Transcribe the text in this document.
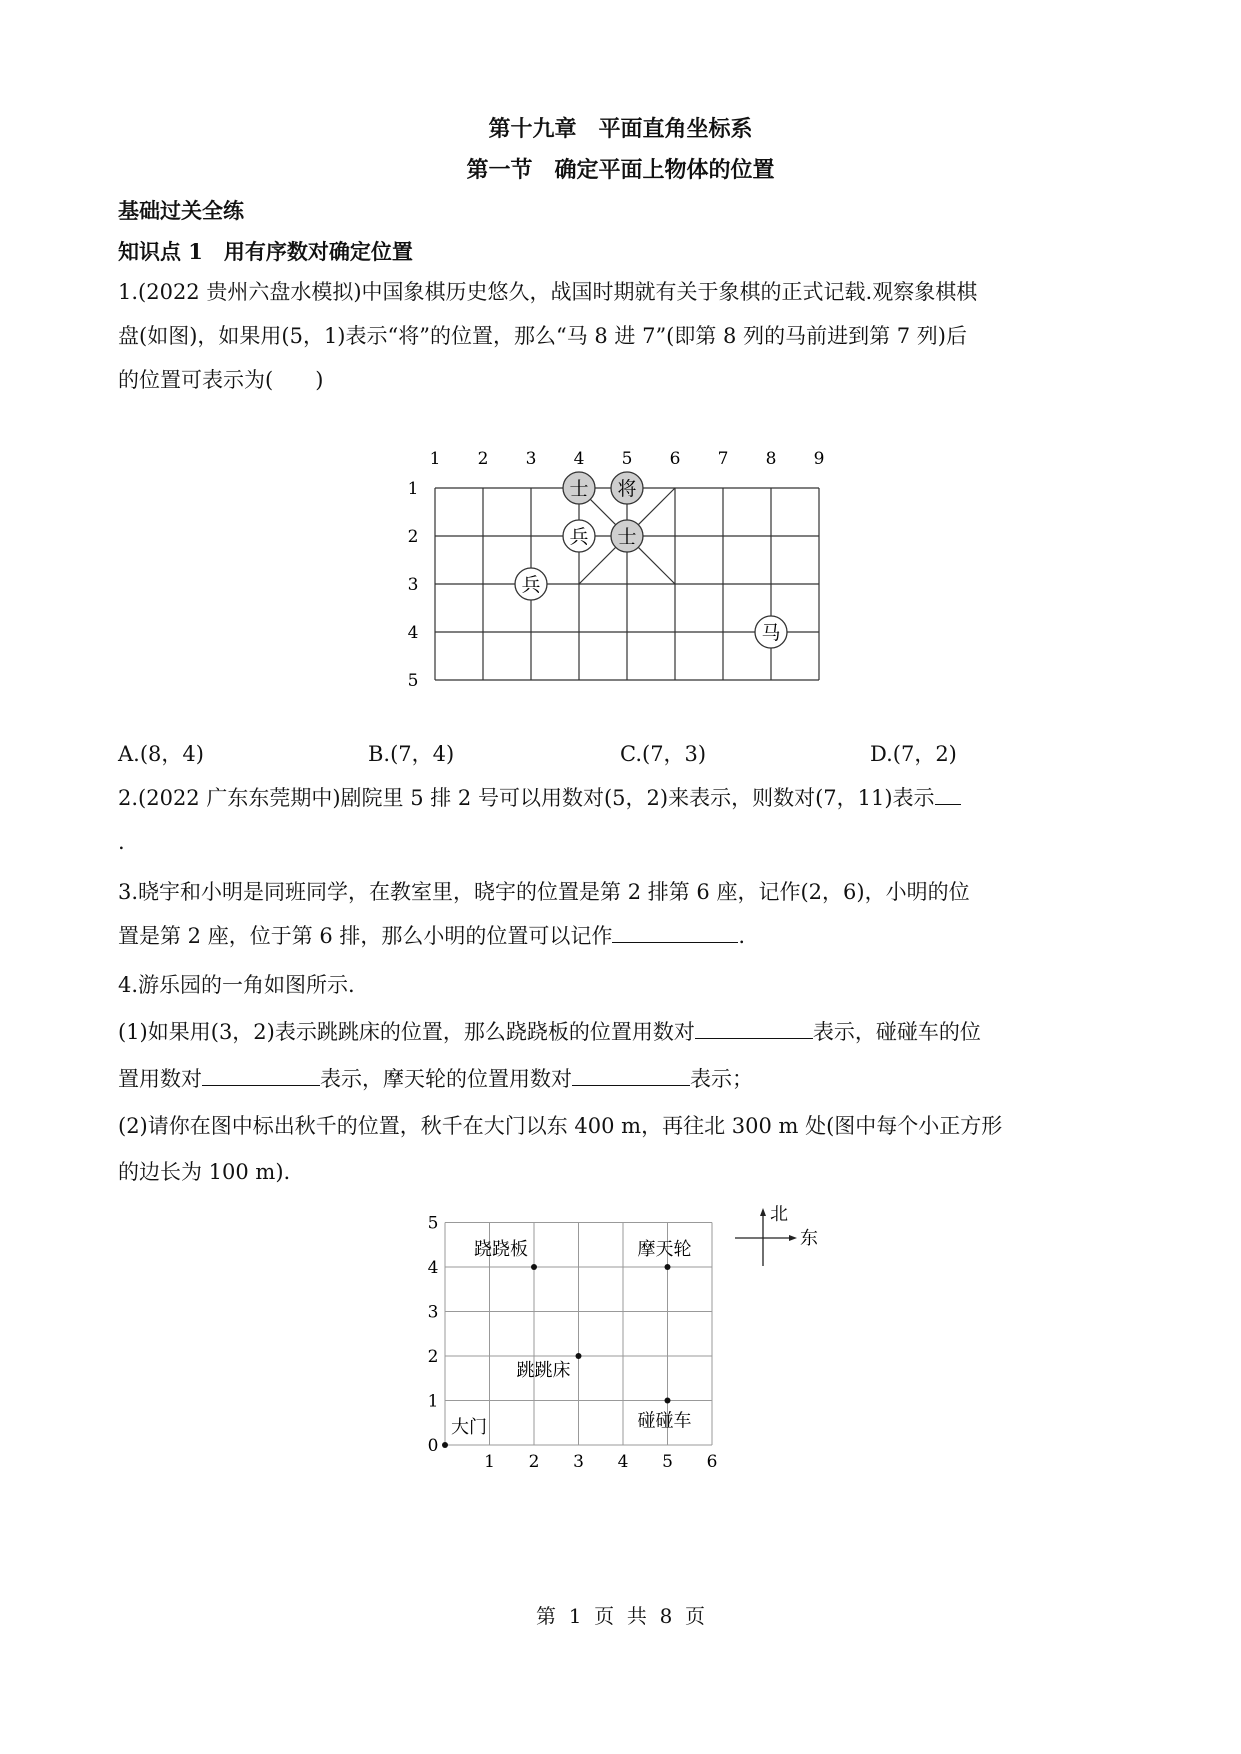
第十九章　平面直角坐标系
第一节　确定平面上物体的位置
基础过关全练
知识点 1　用有序数对确定位置
1.(2022 贵州六盘水模拟)中国象棋历史悠久，战国时期就有关于象棋的正式记载.观察象棋棋
盘(如图)，如果用(5，1)表示“将”的位置，那么“马 8 进 7”(即第 8 列的马前进到第 7 列)后
的位置可表示为(　　)
1 2 3 4 5 6 7 8 9
1
2
3
4
5
士 将
兵 士
兵
马
A.(8，4)	B.(7，4)	C.(7，3)	D.(7，2)
2.(2022 广东东莞期中)剧院里 5 排 2 号可以用数对(5，2)来表示，则数对(7，11)表示
.
3.晓宇和小明是同班同学，在教室里，晓宇的位置是第 2 排第 6 座，记作(2，6)，小明的位
置是第 2 座，位于第 6 排，那么小明的位置可以记作	.
4.游乐园的一角如图所示.
(1)如果用(3，2)表示跳跳床的位置，那么跷跷板的位置用数对	表示，碰碰车的位
置用数对	表示，摩天轮的位置用数对	表示；
(2)请你在图中标出秋千的位置，秋千在大门以东 400 m，再往北 300 m 处(图中每个小正方形
的边长为 100 m).
1 2 3 4 5 6
0
1
2
3
4
5
跷跷板	摩天轮
跳跳床
碰碰车
大门
北
东
第  1  页  共  8  页
